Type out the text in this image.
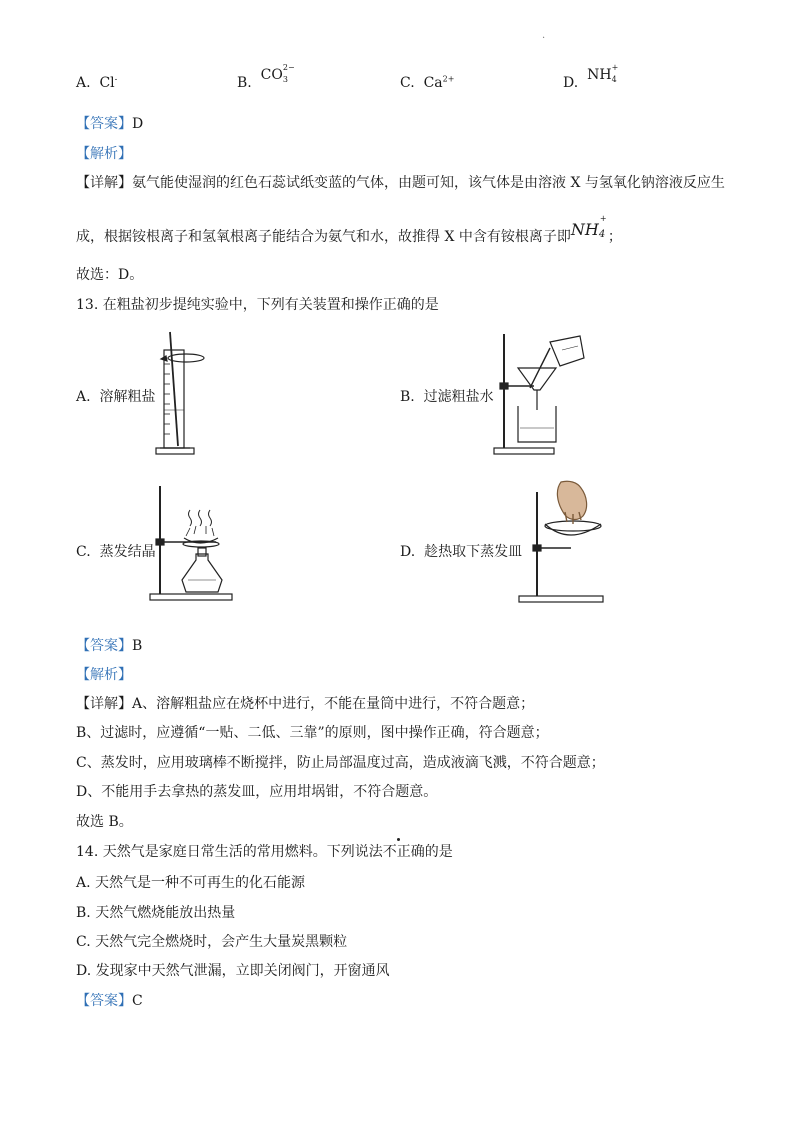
.
A. Cl-	B. CO 2−
3	C. $Ca^{2+}$	D. NH +
4
【答案】D
【解析】
【详解】氨气能使湿润的红色石蕊试纸变蓝的气体，由题可知，该气体是由溶液 X 与氢氧化钠溶液反应生
成，根据铵根离子和氢氧根离子能结合为氨气和水，故推得 X 中含有铵根离子即NH
+
4 ；
故选：D。
13. 在粗盐初步提纯实验中，下列有关装置和操作正确的是
A. 溶解粗盐	B. 过滤粗盐水
C. 蒸发结晶	D. 趁热取下蒸发皿
【答案】B
【解析】
【详解】A、溶解粗盐应在烧杯中进行，不能在量筒中进行，不符合题意；
B、过滤时，应遵循“一贴、二低、三靠”的原则，图中操作正确，符合题意；
C、蒸发时，应用玻璃棒不断搅拌，防止局部温度过高，造成液滴飞溅，不符合题意；
D、不能用手去拿热的蒸发皿，应用坩埚钳，不符合题意。
故选 B。
14. 天然气是家庭日常生活的常用燃料。下列说法不正确的是
A. 天然气是一种不可再生的化石能源
B. 天然气燃烧能放出热量
C. 天然气完全燃烧时，会产生大量炭黑颗粒
D. 发现家中天然气泄漏，立即关闭阀门，开窗通风
【答案】C
